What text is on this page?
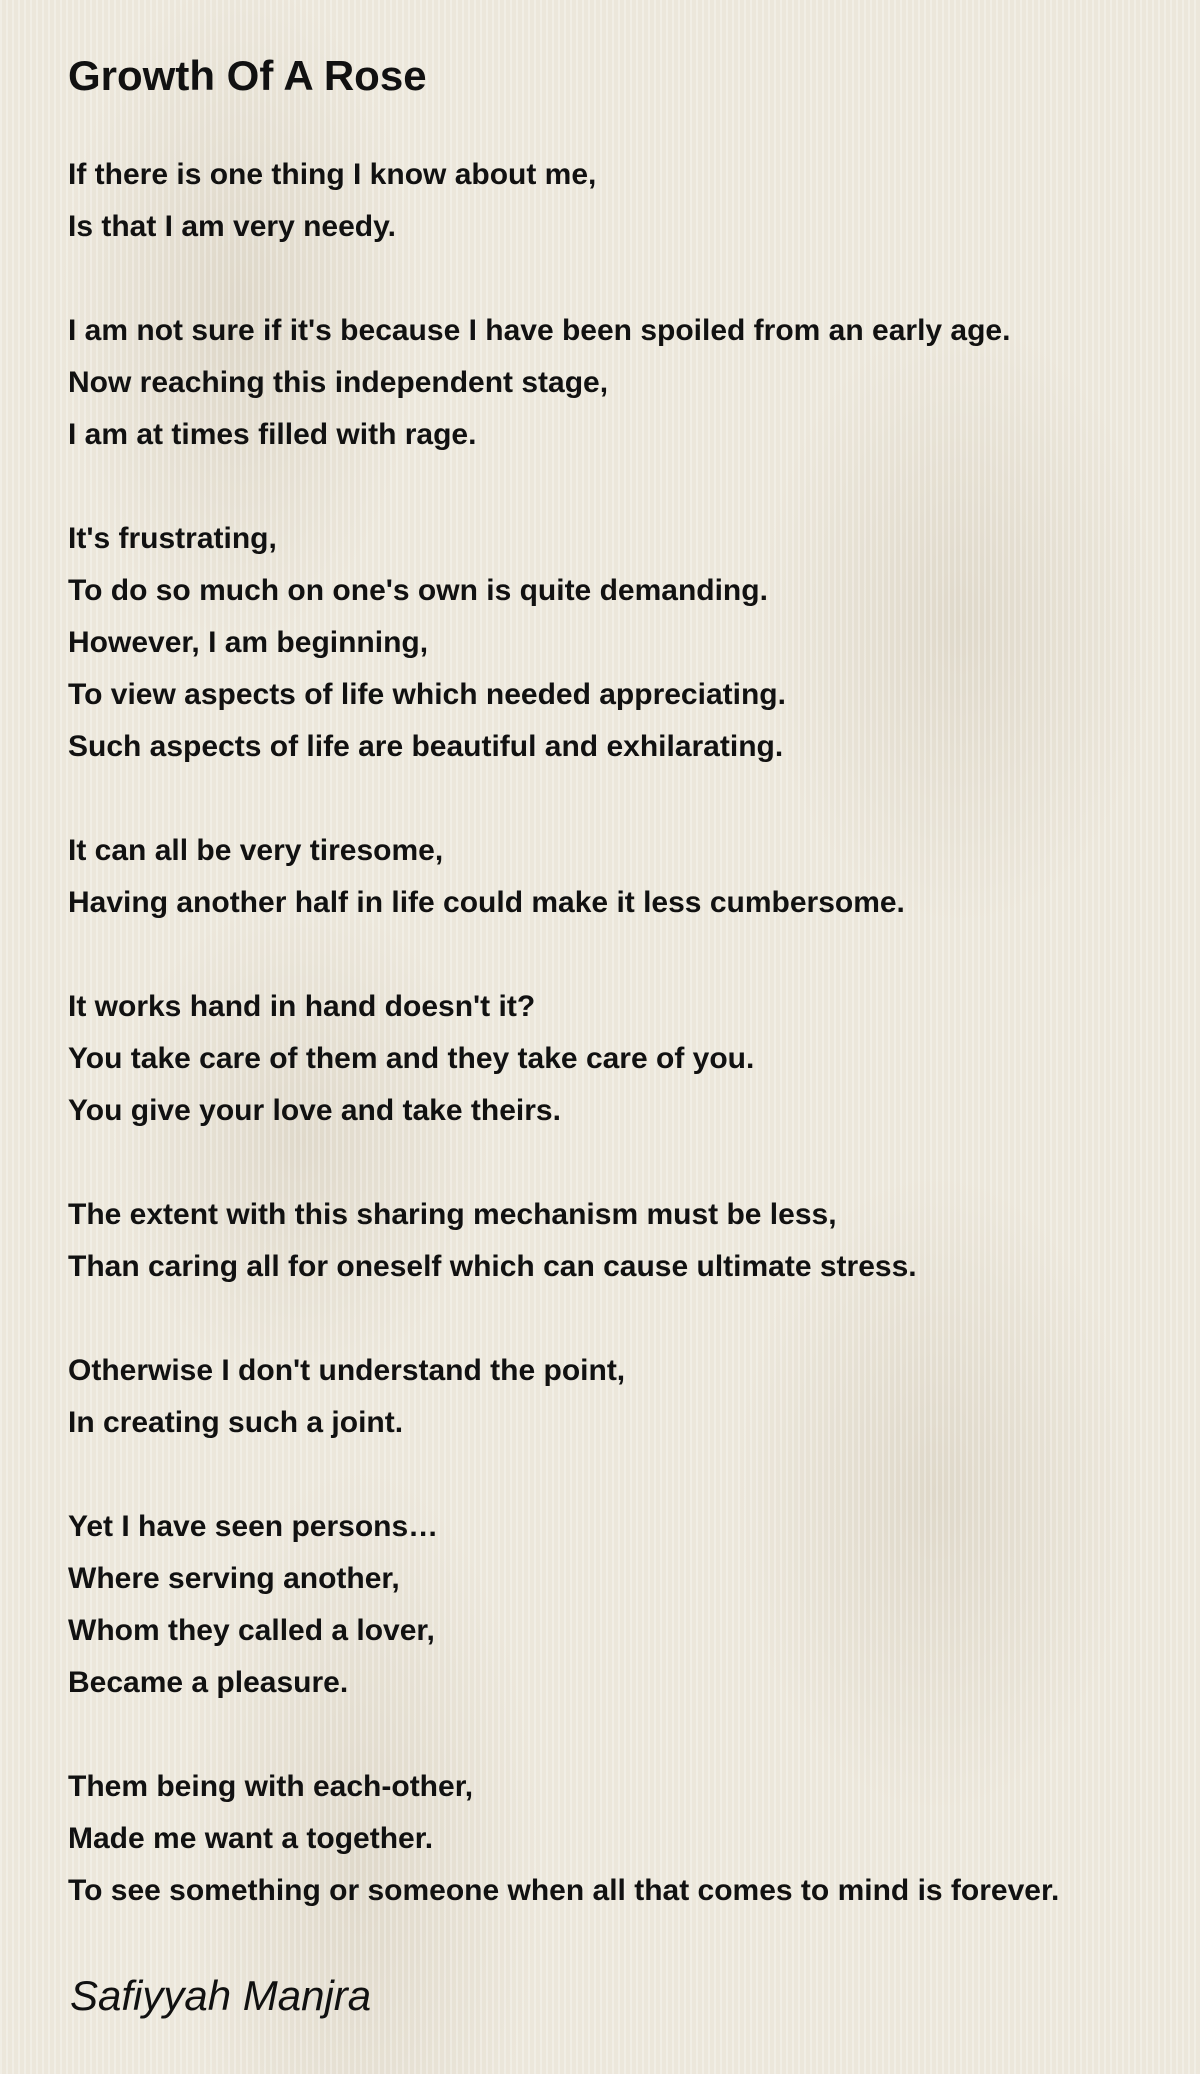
Growth Of A Rose
If there is one thing I know about me,
Is that I am very needy.
I am not sure if it's because I have been spoiled from an early age.
Now reaching this independent stage,
I am at times filled with rage.
It's frustrating,
To do so much on one's own is quite demanding.
However, I am beginning,
To view aspects of life which needed appreciating.
Such aspects of life are beautiful and exhilarating.
It can all be very tiresome,
Having another half in life could make it less cumbersome.
It works hand in hand doesn't it?
You take care of them and they take care of you.
You give your love and take theirs.
The extent with this sharing mechanism must be less,
Than caring all for oneself which can cause ultimate stress.
Otherwise I don't understand the point,
In creating such a joint.
Yet I have seen persons…
Where serving another,
Whom they called a lover,
Became a pleasure.
Them being with each-other,
Made me want a together.
To see something or someone when all that comes to mind is forever.
Safiyyah Manjra
